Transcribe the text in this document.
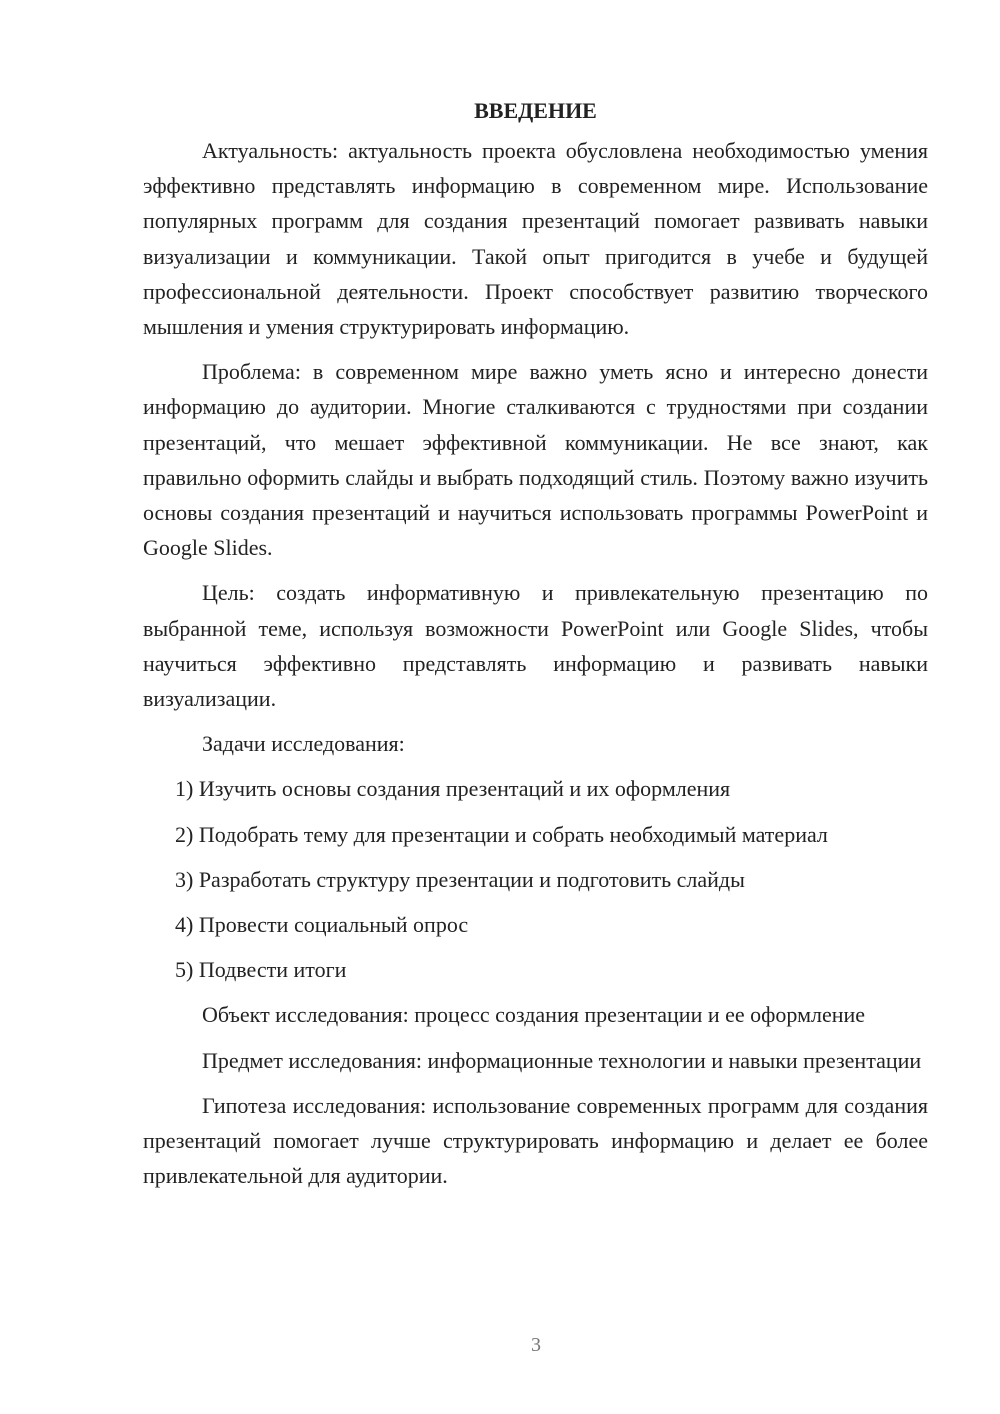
ВВЕДЕНИЕ

Актуальность: актуальность проекта обусловлена необходимостью умения эффективно представлять информацию в современном мире. Использование популярных программ для создания презентаций помогает развивать навыки визуализации и коммуникации. Такой опыт пригодится в учебе и будущей профессиональной деятельности. Проект способствует развитию творческого мышления и умения структурировать информацию.

Проблема: в современном мире важно уметь ясно и интересно донести информацию до аудитории. Многие сталкиваются с трудностями при создании презентаций, что мешает эффективной коммуникации. Не все знают, как правильно оформить слайды и выбрать подходящий стиль. Поэтому важно изучить основы создания презентаций и научиться использовать программы PowerPoint и Google Slides.

Цель: создать информативную и привлекательную презентацию по выбранной теме, используя возможности PowerPoint или Google Slides, чтобы научиться эффективно представлять информацию и развивать навыки визуализации.

Задачи исследования:

1) Изучить основы создания презентаций и их оформления
2) Подобрать тему для презентации и собрать необходимый материал
3) Разработать структуру презентации и подготовить слайды
4) Провести социальный опрос
5) Подвести итоги

Объект исследования: процесс создания презентации и ее оформление

Предмет исследования: информационные технологии и навыки презентации

Гипотеза исследования: использование современных программ для создания презентаций помогает лучше структурировать информацию и делает ее более привлекательной для аудитории.

3
